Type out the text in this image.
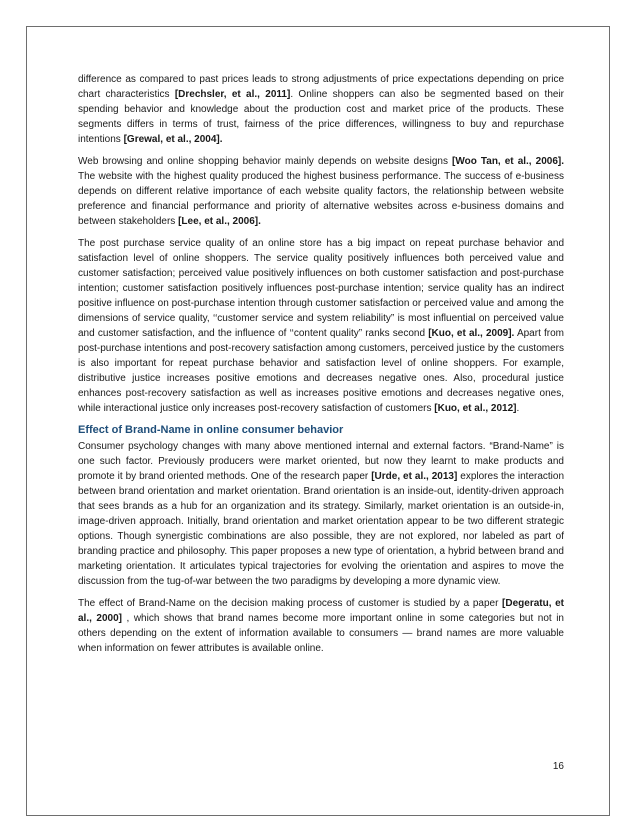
difference as compared to past prices leads to strong adjustments of price expectations depending on price chart characteristics [Drechsler, et al., 2011]. Online shoppers can also be segmented based on their spending behavior and knowledge about the production cost and market price of the products. These segments differs in terms of trust, fairness of the price differences, willingness to buy and repurchase intentions [Grewal, et al., 2004].

Web browsing and online shopping behavior mainly depends on website designs [Woo Tan, et al., 2006]. The website with the highest quality produced the highest business performance. The success of e-business depends on different relative importance of each website quality factors, the relationship between website preference and financial performance and priority of alternative websites across e-business domains and between stakeholders [Lee, et al., 2006].

The post purchase service quality of an online store has a big impact on repeat purchase behavior and satisfaction level of online shoppers. The service quality positively influences both perceived value and customer satisfaction; perceived value positively influences on both customer satisfaction and post-purchase intention; customer satisfaction positively influences post-purchase intention; service quality has an indirect positive influence on post-purchase intention through customer satisfaction or perceived value and among the dimensions of service quality, ‘‘customer service and system reliability” is most influential on perceived value and customer satisfaction, and the influence of ‘‘content quality” ranks second [Kuo, et al., 2009]. Apart from post-purchase intentions and post-recovery satisfaction among customers, perceived justice by the customers is also important for repeat purchase behavior and satisfaction level of online shoppers. For example, distributive justice increases positive emotions and decreases negative ones. Also, procedural justice enhances post-recovery satisfaction as well as increases positive emotions and decreases negative ones, while interactional justice only increases post-recovery satisfaction of customers [Kuo, et al., 2012].

Effect of Brand-Name in online consumer behavior

Consumer psychology changes with many above mentioned internal and external factors. “Brand-Name” is one such factor. Previously producers were market oriented, but now they learnt to make products and promote it by brand oriented methods. One of the research paper [Urde, et al., 2013] explores the interaction between brand orientation and market orientation. Brand orientation is an inside-out, identity-driven approach that sees brands as a hub for an organization and its strategy. Similarly, market orientation is an outside-in, image-driven approach. Initially, brand orientation and market orientation appear to be two different strategic options. Though synergistic combinations are also possible, they are not explored, nor labeled as part of branding practice and philosophy. This paper proposes a new type of orientation, a hybrid between brand and marketing orientation. It articulates typical trajectories for evolving the orientation and aspires to move the discussion from the tug-of-war between the two paradigms by developing a more dynamic view.

The effect of Brand-Name on the decision making process of customer is studied by a paper [Degeratu, et al., 2000] , which shows that brand names become more important online in some categories but not in others depending on the extent of information available to consumers — brand names are more valuable when information on fewer attributes is available online.

16
